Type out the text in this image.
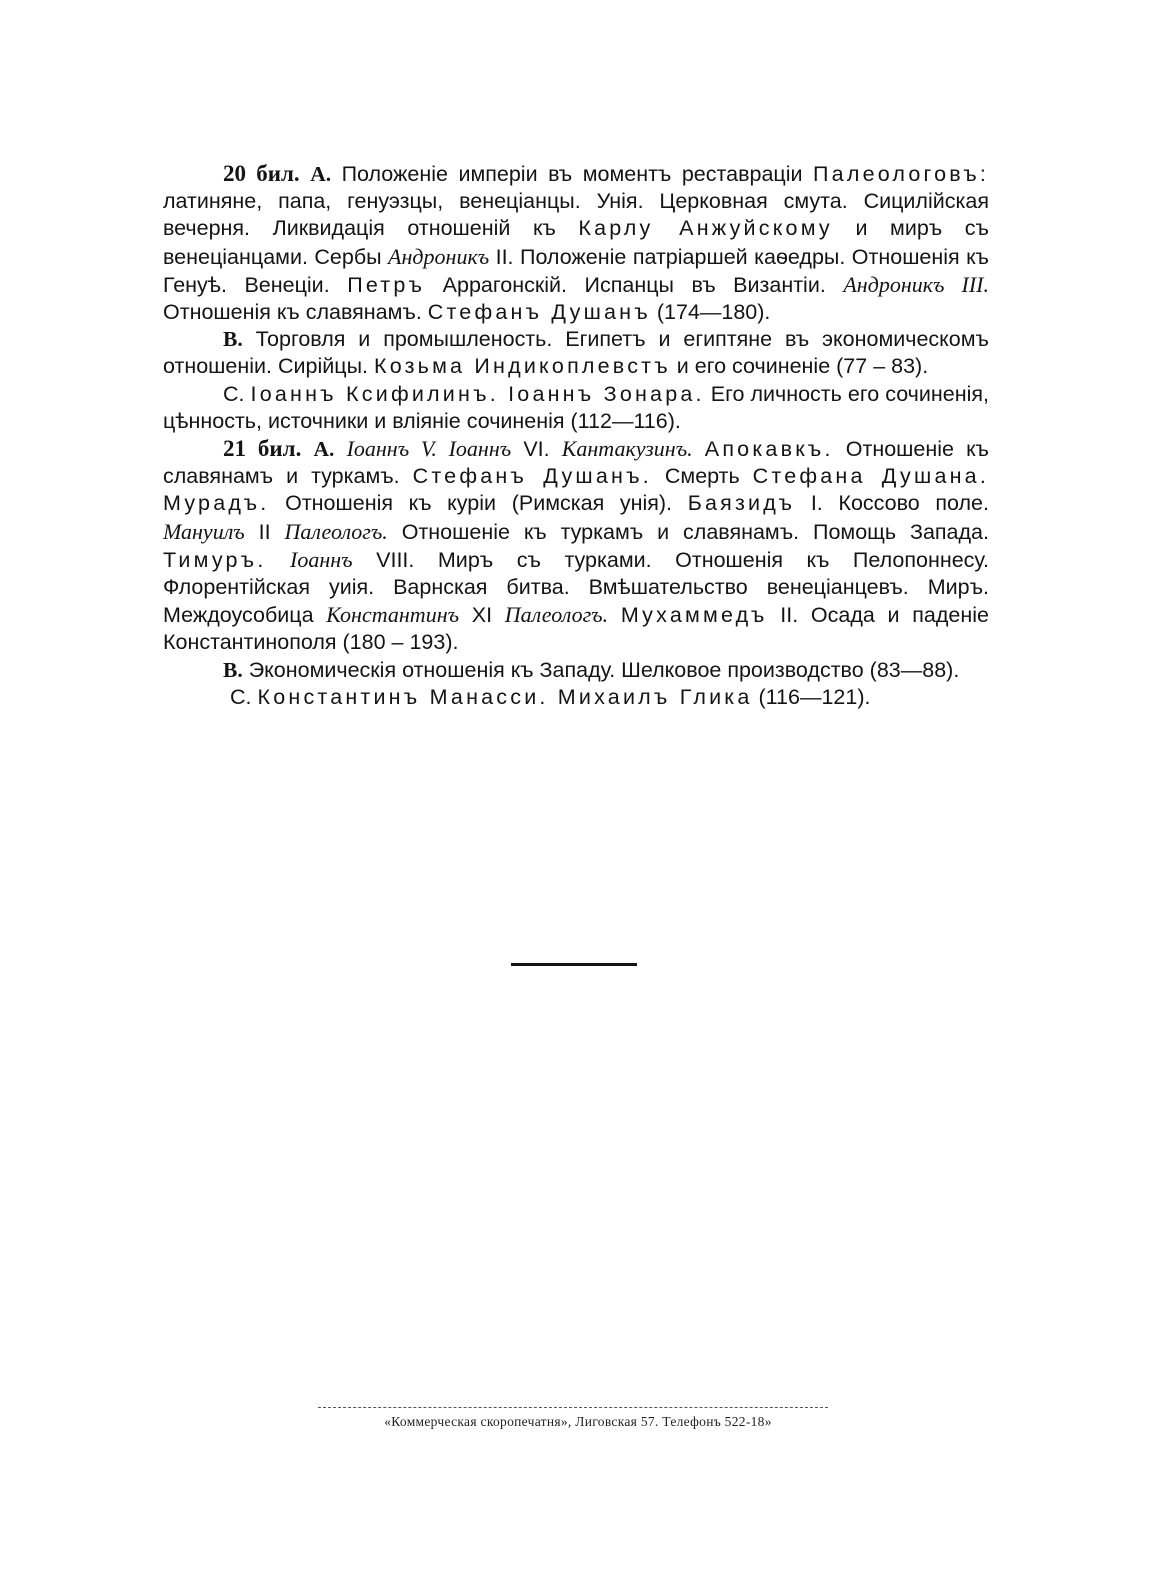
20 бил. А. Положеніе имперіи въ моментъ реставраціи Палеологовъ: латиняне, папа, генуэзцы, венеціанцы. Унія. Церковная смута. Сицилійская вечерня. Ликвидація отношеній къ Карлу Анжуйскому и миръ съ венеціанцами. Сербы Андроникъ II. Положеніе патріаршей каѳедры. Отношенія къ Генуѣ. Венеціи. Петръ Аррагонскій. Испанцы въ Византіи. Андроникъ III. Отношенія къ славянамъ. Стефанъ Душанъ (174—180).

В. Торговля и промышленость. Египетъ и египтяне въ экономическомъ отношеніи. Сирійцы. Козьма Индикоплевстъ и его сочиненіе (77 – 83).

С. Іоаннъ Ксифилинъ. Іоаннъ Зонара. Его личность его сочиненія, цѣнность, источники и вліяніе сочиненія (112—116).

21 бил. А. Іоаннъ V. Іоаннъ VI. Кантакузинъ. Апокавкъ. Отношеніе къ славянамъ и туркамъ. Стефанъ Душанъ. Смерть Стефана Душана. Мурадъ. Отношенія къ куріи (Римская унія). Баязидъ I. Коссово поле. Мануилъ II Палеологъ. Отношеніе къ туркамъ и славянамъ. Помощь Запада. Тимуръ. Іоаннъ VIII. Миръ съ турками. Отношенія къ Пелопоннесу. Флорентійская уиія. Варнская битва. Вмѣшательство венеціанцевъ. Миръ. Междоусобица Константинъ XI Палеологъ. Мухаммедъ II. Осада и паденіе Константинополя (180 – 193).

В. Экономическія отношенія къ Западу. Шелковое производство (83—88).

С. Константинъ Манасси. Михаилъ Глика (116—121).

«Коммерческая скоропечатня», Лиговская 57. Телефонъ 522-18»
